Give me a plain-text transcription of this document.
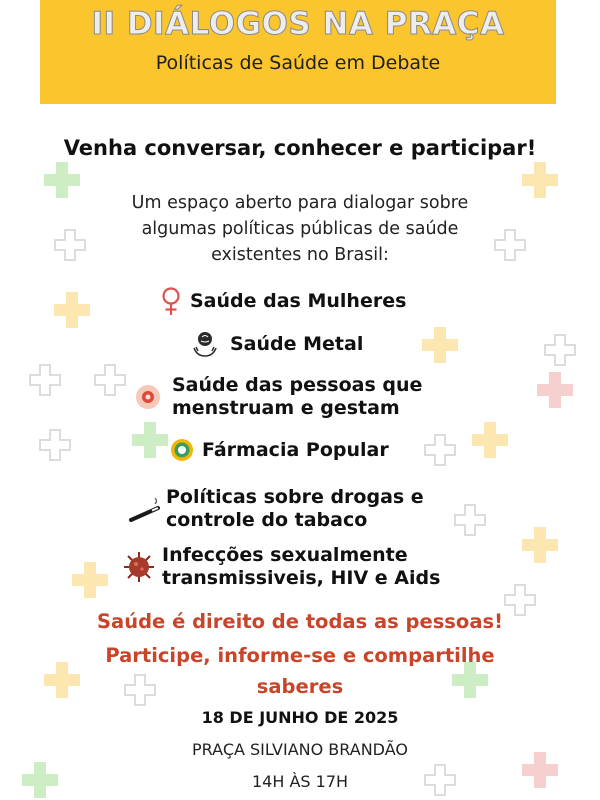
II DIÁLOGOS NA PRAÇA
Políticas de Saúde em Debate
Venha conversar, conhecer e participar!
Um espaço aberto para dialogar sobre algumas políticas públicas de saúde existentes no Brasil:
Saúde das Mulheres
Saúde Metal
Saúde das pessoas que
menstruam e gestam
Fármacia Popular
Políticas sobre drogas e
controle do tabaco
Infecções sexualmente
transmissiveis, HIV e Aids
Saúde é direito de todas as pessoas!
Participe, informe-se e compartilhe
saberes
18 DE JUNHO DE 2025
PRAÇA SILVIANO BRANDÃO
14H ÀS 17H
